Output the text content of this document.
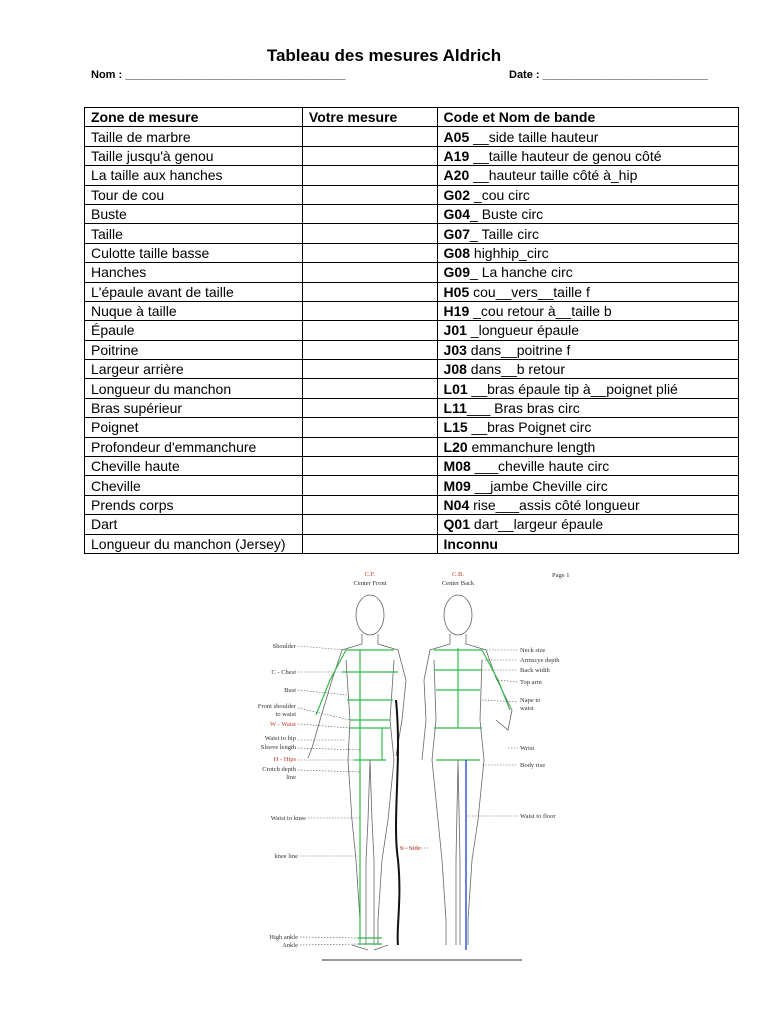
Tableau des mesures Aldrich
Nom : ____________________________________	Date : ___________________________
Zone de mesure	Votre mesure	Code et Nom de bande
Taille de marbre		A05 __side taille hauteur
Taille jusqu'à genou		A19 __taille hauteur de genou côté
La taille aux hanches		A20 __hauteur taille côté à_hip
Tour de cou		G02 _cou circ
Buste		G04_ Buste circ
Taille		G07_ Taille circ
Culotte taille basse		G08 highhip_circ
Hanches		G09_ La hanche circ
L'épaule avant de taille		H05 cou__vers__taille f
Nuque à taille		H19 _cou retour à__taille b
Épaule		J01 _longueur épaule
Poitrine		J03 dans__poitrine f
Largeur arrière		J08 dans__b retour
Longueur du manchon		L01 __bras épaule tip à__poignet plié
Bras supérieur		L11___ Bras bras circ
Poignet		L15 __bras Poignet circ
Profondeur d'emmanchure		L20 emmanchure length
Cheville haute		M08 ___cheville haute circ
Cheville		M09 __jambe Cheville circ
Prends corps		N04 rise___assis côté longueur
Dart		Q01 dart__largeur épaule
Longueur du manchon (Jersey)		Inconnu
C.F.
Center Front
C.B.
Center Back
Page 1
S - Side
Shoulder
C - Chest
Bust
Front shoulder
to waist
W - Waist
Waist to hip
Sleeve length
H - Hips
Crotch depth
line
Waist to knee
knee line
High ankle
Ankle
Neck size
Armscye depth
Back width
Top arm
Nape to
waist
Wrist
Body rise
Waist to floor
